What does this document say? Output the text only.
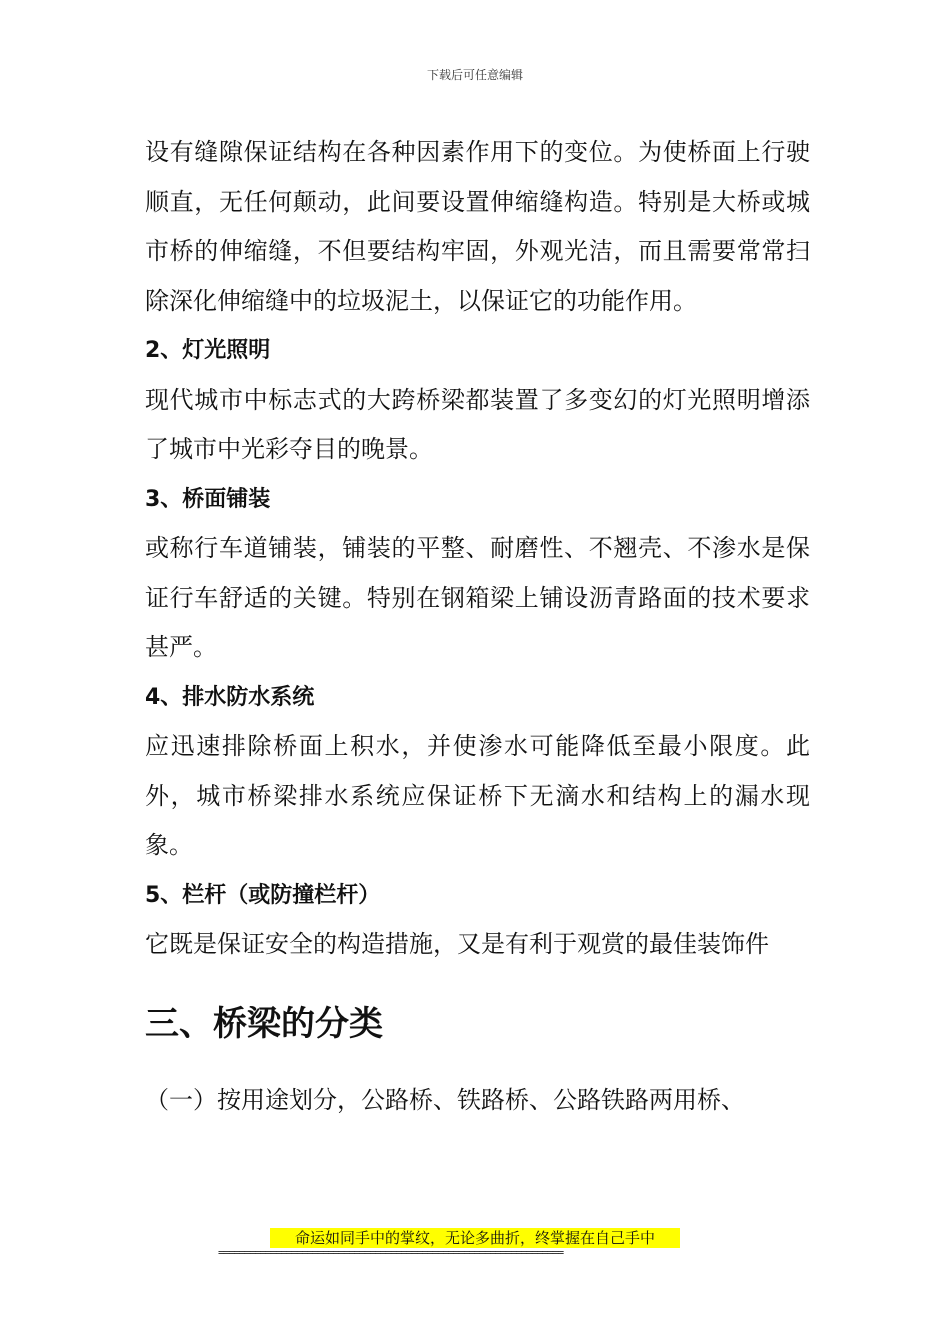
下载后可任意编辑

设有缝隙保证结构在各种因素作用下的变位。为使桥面上行驶顺直，无任何颠动，此间要设置伸缩缝构造。特别是大桥或城市桥的伸缩缝，不但要结构牢固，外观光洁，而且需要常常扫除深化伸缩缝中的垃圾泥土，以保证它的功能作用。

2、灯光照明

现代城市中标志式的大跨桥梁都装置了多变幻的灯光照明增添了城市中光彩夺目的晚景。

3、桥面铺装

或称行车道铺装，铺装的平整、耐磨性、不翘壳、不渗水是保证行车舒适的关键。特别在钢箱梁上铺设沥青路面的技术要求甚严。

4、排水防水系统

应迅速排除桥面上积水，并使渗水可能降低至最小限度。此外，城市桥梁排水系统应保证桥下无滴水和结构上的漏水现象。

5、栏杆（或防撞栏杆）

它既是保证安全的构造措施，又是有利于观赏的最佳装饰件

三、桥梁的分类

（一）按用途划分，公路桥、铁路桥、公路铁路两用桥、

命运如同手中的掌纹，无论多曲折，终掌握在自己手中
==================================================================
